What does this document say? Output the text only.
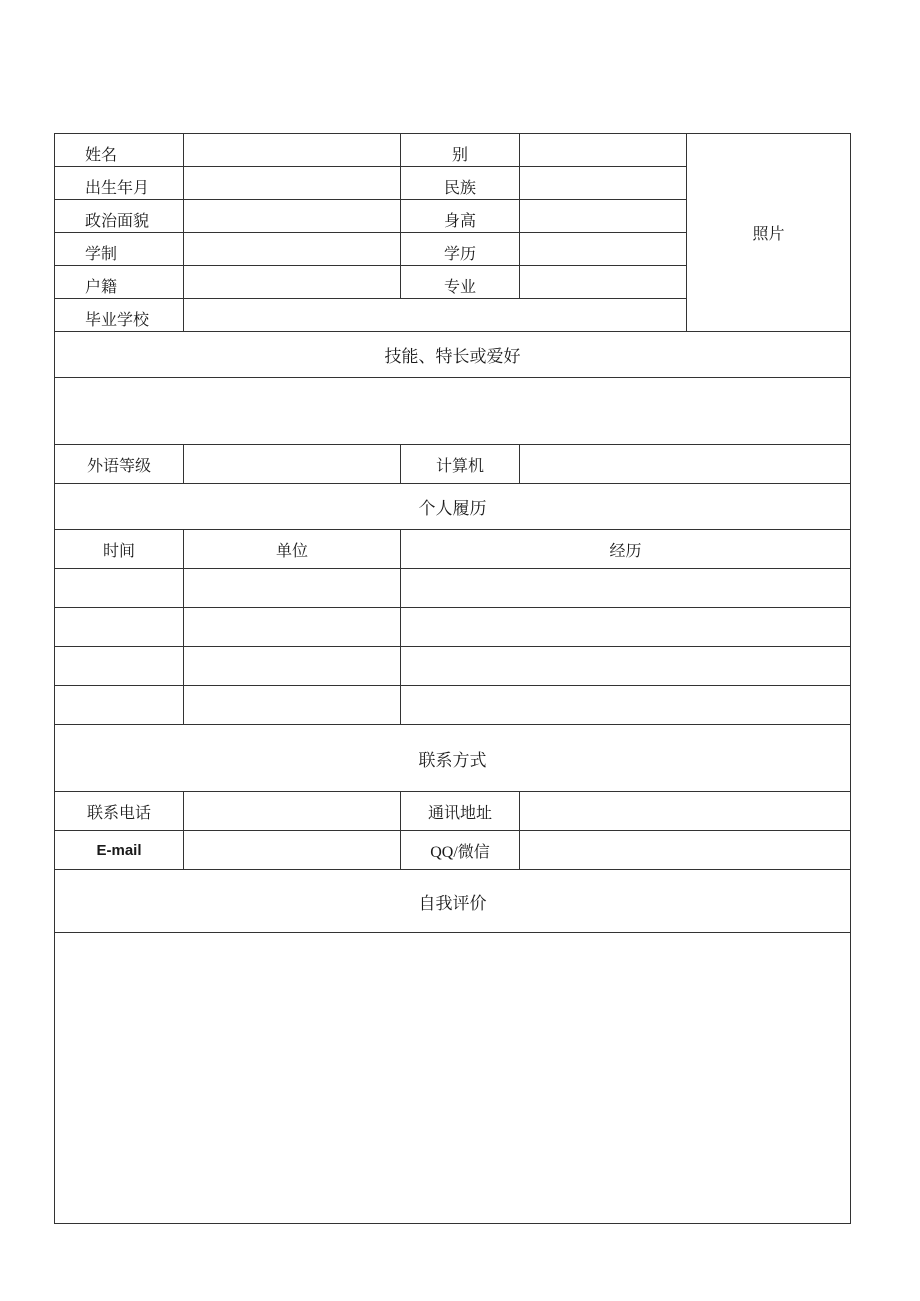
姓名		别		照片
出生年月		民族		
政治面貌		身高		
学制		学历		
户籍		专业		
毕业学校				
技能、特长或爱好				

外语等级		计算机		
个人履历				
时间	单位	经历		

联系方式				
联系电话		通讯地址		
E-mail		QQ/微信		
自我评价				
